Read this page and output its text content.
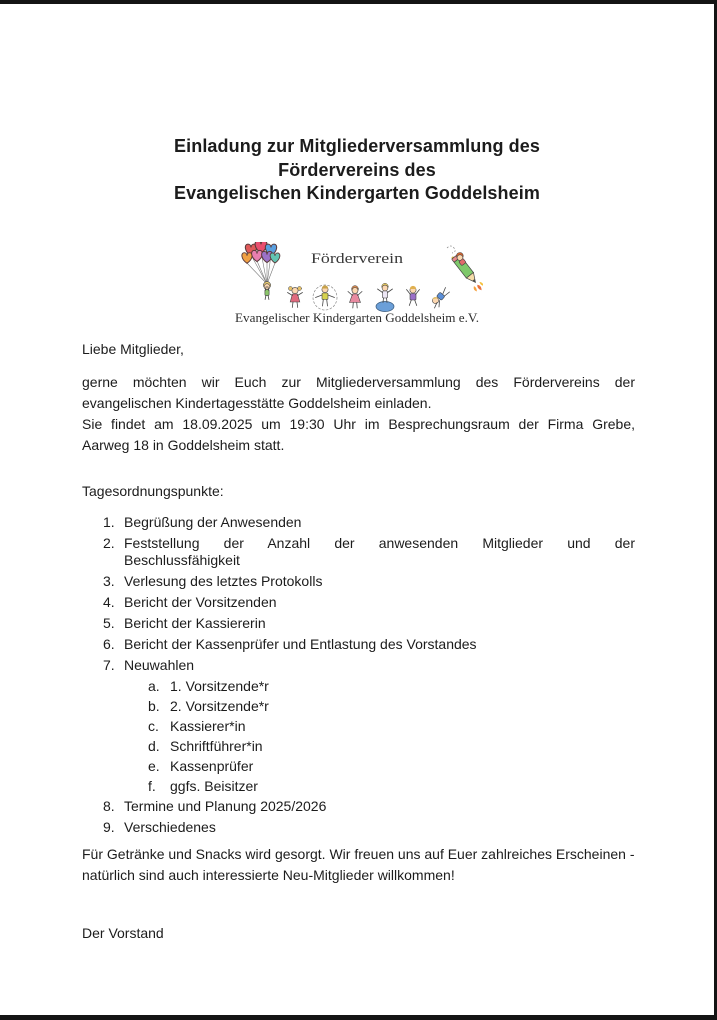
Einladung zur Mitgliederversammlung des
Fördervereins des
Evangelischen Kindergarten Goddelsheim
Förderverein
Evangelischer Kindergarten Goddelsheim e.V.
Liebe Mitglieder,
gerne möchten wir Euch zur Mitgliederversammlung des Fördervereins der
evangelischen Kindertagesstätte Goddelsheim einladen.
Sie findet am 18.09.2025 um 19:30 Uhr im Besprechungsraum der Firma Grebe,
Aarweg 18 in Goddelsheim statt.
Tagesordnungspunkte:
1. Begrüßung der Anwesenden
2. Feststellung der Anzahl der anwesenden Mitglieder und der
Beschlussfähigkeit
3. Verlesung des letztes Protokolls
4. Bericht der Vorsitzenden
5. Bericht der Kassiererin
6. Bericht der Kassenprüfer und Entlastung des Vorstandes
7. Neuwahlen
a. 1. Vorsitzende*r
b. 2. Vorsitzende*r
c. Kassierer*in
d. Schriftführer*in
e. Kassenprüfer
f.	ggfs. Beisitzer
8. Termine und Planung 2025/2026
9. Verschiedenes
Für Getränke und Snacks wird gesorgt. Wir freuen uns auf Euer zahlreiches Erscheinen - natürlich sind auch interessierte Neu-Mitglieder willkommen!
Der Vorstand
